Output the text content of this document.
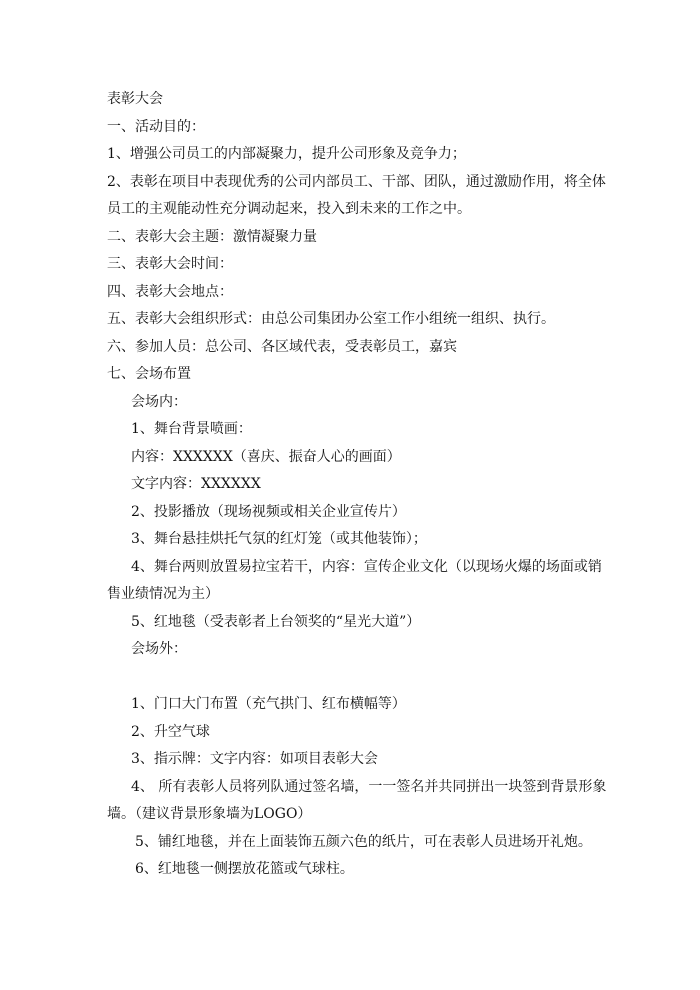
表彰大会
一、活动目的：
1、增强公司员工的内部凝聚力，提升公司形象及竞争力；
2、表彰在项目中表现优秀的公司内部员工、干部、团队，通过激励作用，将全体员工的主观能动性充分调动起来，投入到未来的工作之中。
二、表彰大会主题：激情凝聚力量
三、表彰大会时间：
四、表彰大会地点：
五、表彰大会组织形式：由总公司集团办公室工作小组统一组织、执行。
六、参加人员：总公司、各区域代表，受表彰员工，嘉宾
七、会场布置
会场内：
1、舞台背景喷画：
内容：XXXXXX（喜庆、振奋人心的画面）
文字内容：XXXXXX
2、投影播放（现场视频或相关企业宣传片）
3、舞台悬挂烘托气氛的红灯笼（或其他装饰）；
4、舞台两则放置易拉宝若干，内容：宣传企业文化（以现场火爆的场面或销售业绩情况为主）
5、红地毯（受表彰者上台领奖的“星光大道”）
会场外：
1、门口大门布置（充气拱门、红布横幅等）
2、升空气球
3、指示牌：文字内容：如项目表彰大会
4、 所有表彰人员将列队通过签名墙，一一签名并共同拼出一块签到背景形象墙。（建议背景形象墙为LOGO）
5、铺红地毯，并在上面装饰五颜六色的纸片，可在表彰人员进场开礼炮。
6、红地毯一侧摆放花篮或气球柱。
